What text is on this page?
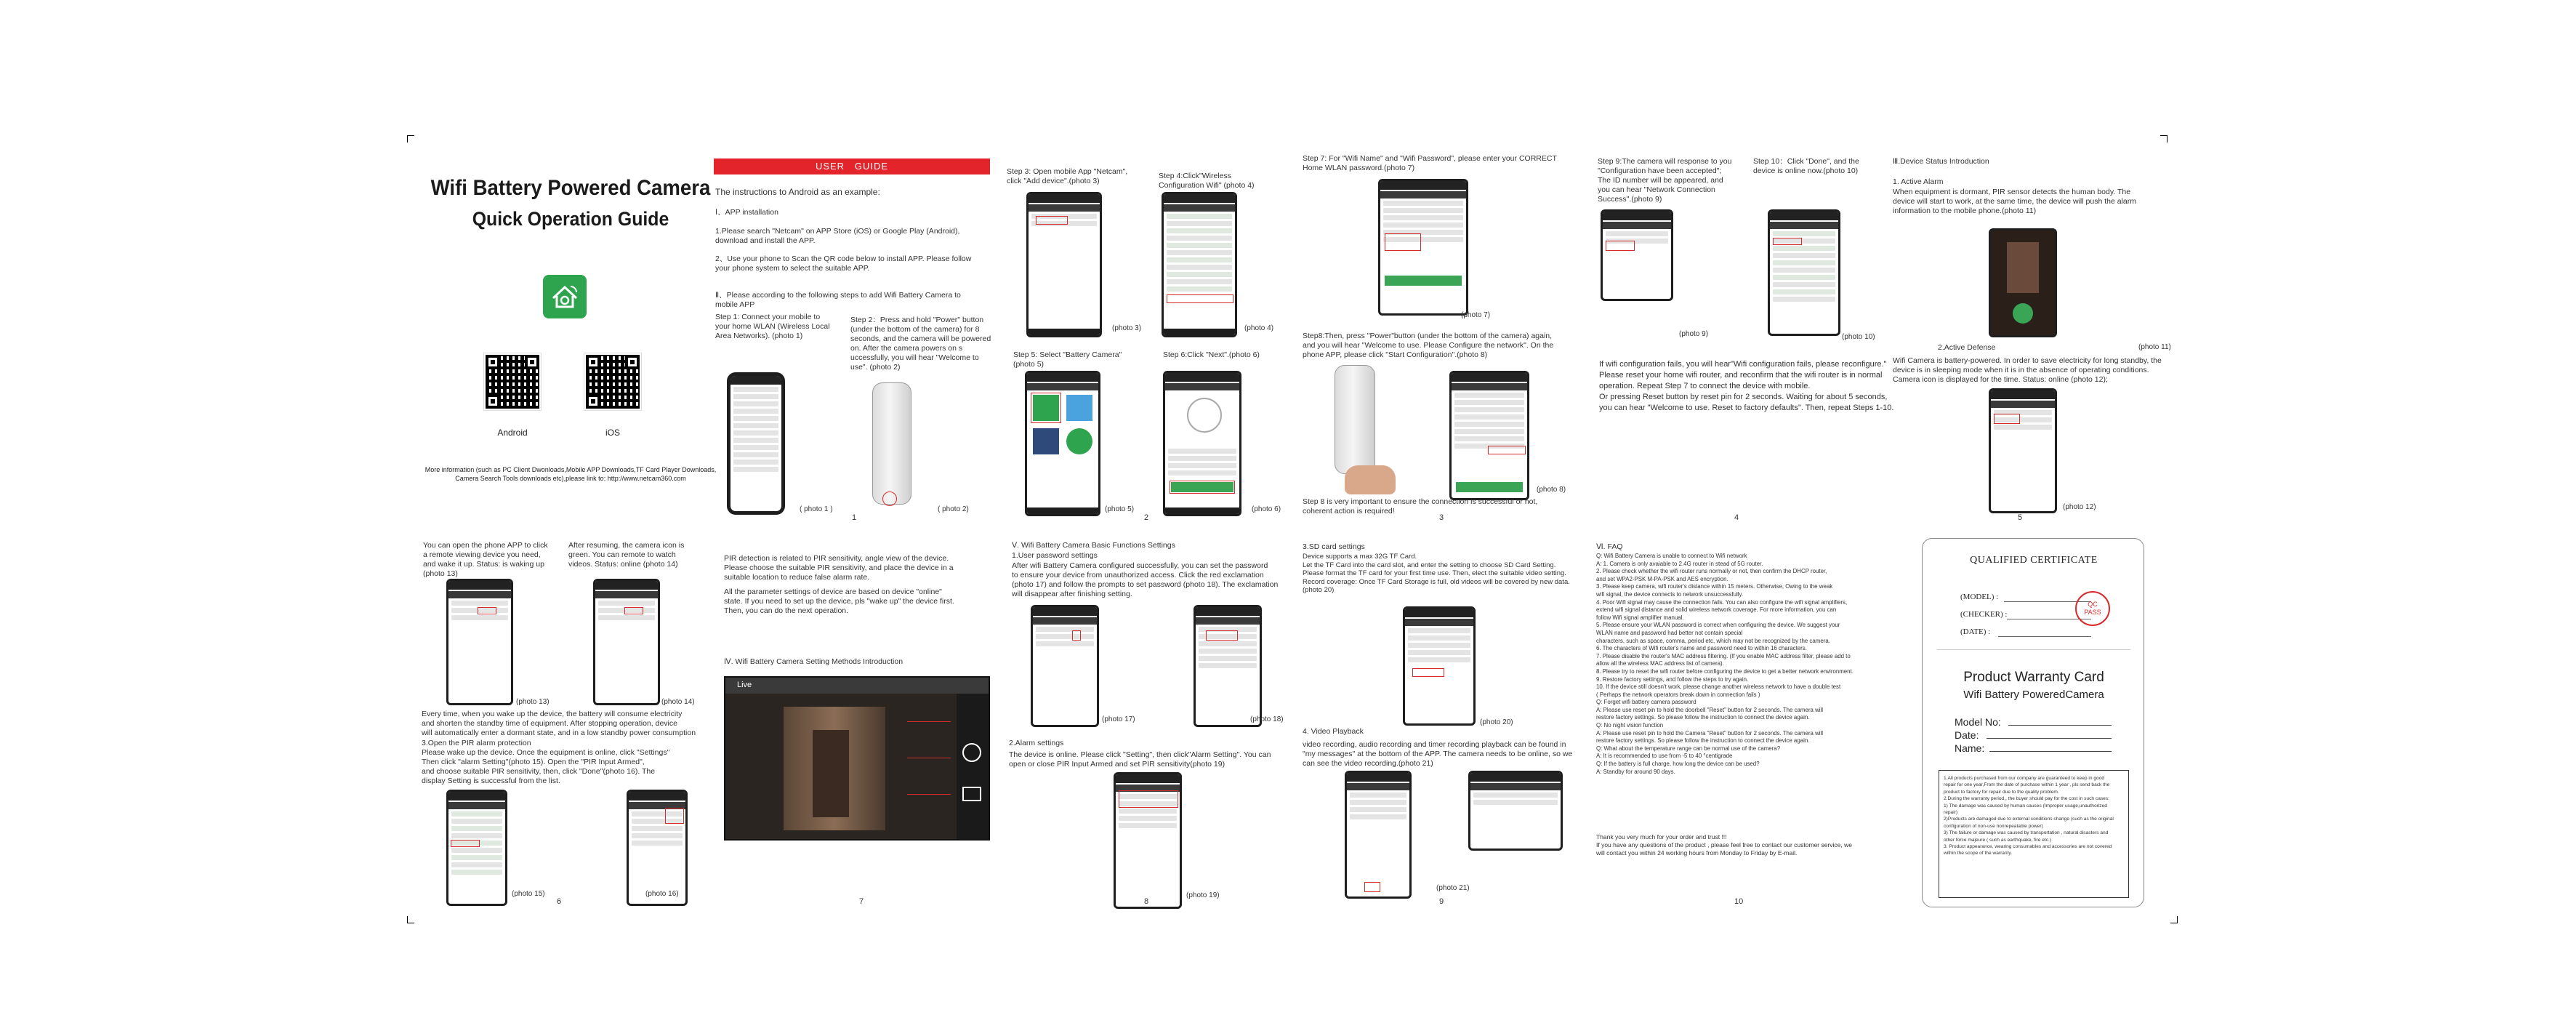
Wifi Battery Powered Camera
Quick Operation Guide
Android	iOS
More information (such as PC Client Dwonloads,Mobile APP Downloads,TF Card Player Downloads,
Camera Search Tools downloads etc),please link to: http://www.netcam360.com
USER   GUIDE
The instructions to Android as an example:
Ⅰ、APP installation
1.Please search "Netcam" on APP Store (iOS) or Google Play (Android),
download and install the APP.
2、Use your phone to Scan the QR code below to install APP. Please follow
your phone system to select the suitable APP.
Ⅱ、Please according to the following steps to add Wifi Battery Camera to
mobile APP
Step 1: Connect your mobile to
your home WLAN (Wireless Local
Area Networks). (photo 1)
Step 2：Press and hold "Power" button
(under the bottom of the camera) for 8
seconds, and the camera will be powered
on. After the camera powers on s
uccessfully, you will hear "Welcome to
use". (photo 2)
( photo 1 )	( photo 2)
1
Step 3: Open mobile App "Netcam",
click "Add device".(photo 3)
Step 4:Click"Wireless
Configuration Wifi" (photo 4)
(photo 3)	(photo 4)
Step 5: Select "Battery Camera"
(photo 5)
Step 6:Click "Next".(photo 6)
(photo 5)	(photo 6)
2
Step 7: For "Wifi Name" and "Wifi Password", please enter your CORRECT
Home WLAN password.(photo 7)
(photo 7)
Step8:Then, press "Power"button (under the bottom of the camera) again,
and you will hear "Welcome to use. Please Configure the network". On the
phone APP, please click "Start Configuration".(photo 8)
(photo 8)
Step 8 is very important to ensure the connection is successful or not,
coherent action is required!
3
Step 9:The camera will response to you
"Configuration have been accepted";
The ID number will be appeared, and
you can hear "Network Connection
Success".(photo 9)
Step 10：Click "Done", and the
device is online now.(photo 10)
(photo 9)	(photo 10)
If wifi configuration fails, you will hear"Wifi configuration fails, please reconfigure."
Please reset your home wifi router, and reconfirm that the wifi router is in normal
operation. Repeat Step 7 to connect the device with mobile.
Or pressing Reset button by reset pin for 2 seconds. Waiting for about 5 seconds,
you can hear "Welcome to use. Reset to factory defaults". Then, repeat Steps 1-10.
4
Ⅲ.Device Status Introduction
1. Active Alarm
When equipment is dormant, PIR sensor detects the human body. The
device will start to work, at the same time, the device will push the alarm
information to the mobile phone.(photo 11)
(photo 11)
2.Active Defense
Wifi Camera is battery-powered. In order to save electricity for long standby, the
device is in sleeping mode when it is in the absence of operating conditions.
Camera icon is displayed for the time. Status: online (photo 12);
(photo 12)
5
You can open the phone APP to click
a remote viewing device you need,
and wake it up. Status: is waking up
(photo 13)
After resuming, the camera icon is
green. You can remote to watch
videos. Status: online (photo 14)
(photo 13)	(photo 14)
Every time, when you wake up the device, the battery will consume electricity
and shorten the standby time of equipment. After stopping operation, device
will automatically enter a dormant state, and in a low standby power consumption
3.Open the PIR alarm protection
Please wake up the device. Once the equipment is online, click "Settings"
Then click "alarm Setting"(photo 15). Open the "PIR Input Armed",
and choose suitable PIR sensitivity, then, click "Done"(photo 16). The
display Setting is successful from the list.
(photo 15)	(photo 16)
6
PIR detection is related to PIR sensitivity, angle view of the device.
Please choose the suitable PIR sensitivity, and place the device in a
suitable location to reduce false alarm rate.
All the parameter settings of device are based on device "online"
state. If you need to set up the device, pls "wake up" the device first.
Then, you can do the next operation.
Ⅳ. Wifi Battery Camera Setting Methods Introduction
Live
7
Ⅴ. Wifi Battery Camera Basic Functions Settings
1.User password settings
After wifi Battery Camera configured successfully, you can set the password
to ensure your device from unauthorized access. Click the red exclamation
(photo 17) and follow the prompts to set password (photo 18). The exclamation
will disappear after finishing setting.
(photo 17)	(photo 18)
2.Alarm settings
The device is online. Please click "Setting", then click"Alarm Setting". You can
open or close PIR Input Armed and set PIR sensitivity(photo 19)
(photo 19)
8
3.SD card settings
Device supports a max 32G TF Card.
Let the TF Card into the card slot, and enter the setting to choose SD Card Setting.
Please format the TF card for your first time use. Then, elect the suitable video setting.
Record coverage: Once TF Card Storage is full, old videos will be covered by new data.
(photo 20)
(photo 20)
4. Video Playback
video recording, audio recording and timer recording playback can be found in
"my messages" at the bottom of the APP. The camera needs to be online, so we
can see the video recording.(photo 21)
(photo 21)
9
Ⅵ. FAQ
Q: Wifi Battery Camera is unable to connect to Wifi network
A: 1. Camera is only avaiable to 2.4G router in stead of 5G router.
2. Please check whether the wifi router runs normally or not, then confirm the DHCP router,
and set WPA2-PSK M-PA-PSK and AES encryption.
3. Please keep camera, wifi router's distance within 15 meters. Otherwise, Owing to the weak
wifi signal, the device connects to network unsuccessfully.
4. Poor Wifi signal may cause the connection fails. You can also configure the wifi signal amplifiers,
extend wifi signal distance and solid wireless network coverage. For more information, you can
follow Wifi signal amplifier manual.
5. Please ensure your WLAN password is correct when configuring the device. We suggest your
WLAN name and password had better not contain special
characters, such as space, comma, period etc, which may not be recognized by the camera.
6. The characters of Wifi router's name and password need to within 16 characters.
7. Please disable the router's MAC address filtering. (If you enable MAC address filter, please add to
allow all the wireless MAC address list of camera).
8. Please try to reset the wifi router before configuring the device to get a better network environment.
9. Restore factory settings, and follow the steps to try again.
10. If the device still doesn't work, please change another wireless network to have a double test
( Perhaps the network operators break down in connection fails )
Q: Forget wifi battery camera password
A: Please use reset pin to hold the doorbell "Reset" button for 2 seconds. The camera will
restore factory settings. So please follow the instruction to connect the device again.
Q: No night vision function
A: Please use reset pin to hold the Camera "Reset" button for 2 seconds. The camera will
restore factory settings. So please follow the instruction to connect the device again.
Q: What about the temperature range can be normal use of the camera?
A: It is recommended to use from -5 to 40 °centigrade
Q: If the battery is full charge, how long the device can be used?
A: Standby for around 90 days.
Thank you very much for your order and trust !!!
If you have any questions of the product , please feel free to contact our customer service, we
will contact you within 24 working hours from Monday to Friday by E-mail.
10
QUALIFIED CERTIFICATE
(MODEL) :
(CHECKER) :
(DATE) :
QC PASS
Product Warranty Card
Wifi Battery PoweredCamera
Model No:
Date:
Name:
1.All products purchased from our company are guaranteed to keep in good
repair for one year,From the date of purchase within 1 year , pls send back the
product to factory for repair due to the quality problem.
2.During the warranty period,, the buyer should pay for the cost in such cases:
1) The damage was caused by human causes (Improper usage,unauthorized
repair)
2)Products are damaged due to external conditions change (such as the original
configuration of non-use nonrepeatable power)
3) The failure or damage was caused by transportation , natural disasters and
other force majeure ( such as earthquake, fire etc.)
3. Product appearance, wearing consumables and accessories are not covered
within the scope of the warranty.
